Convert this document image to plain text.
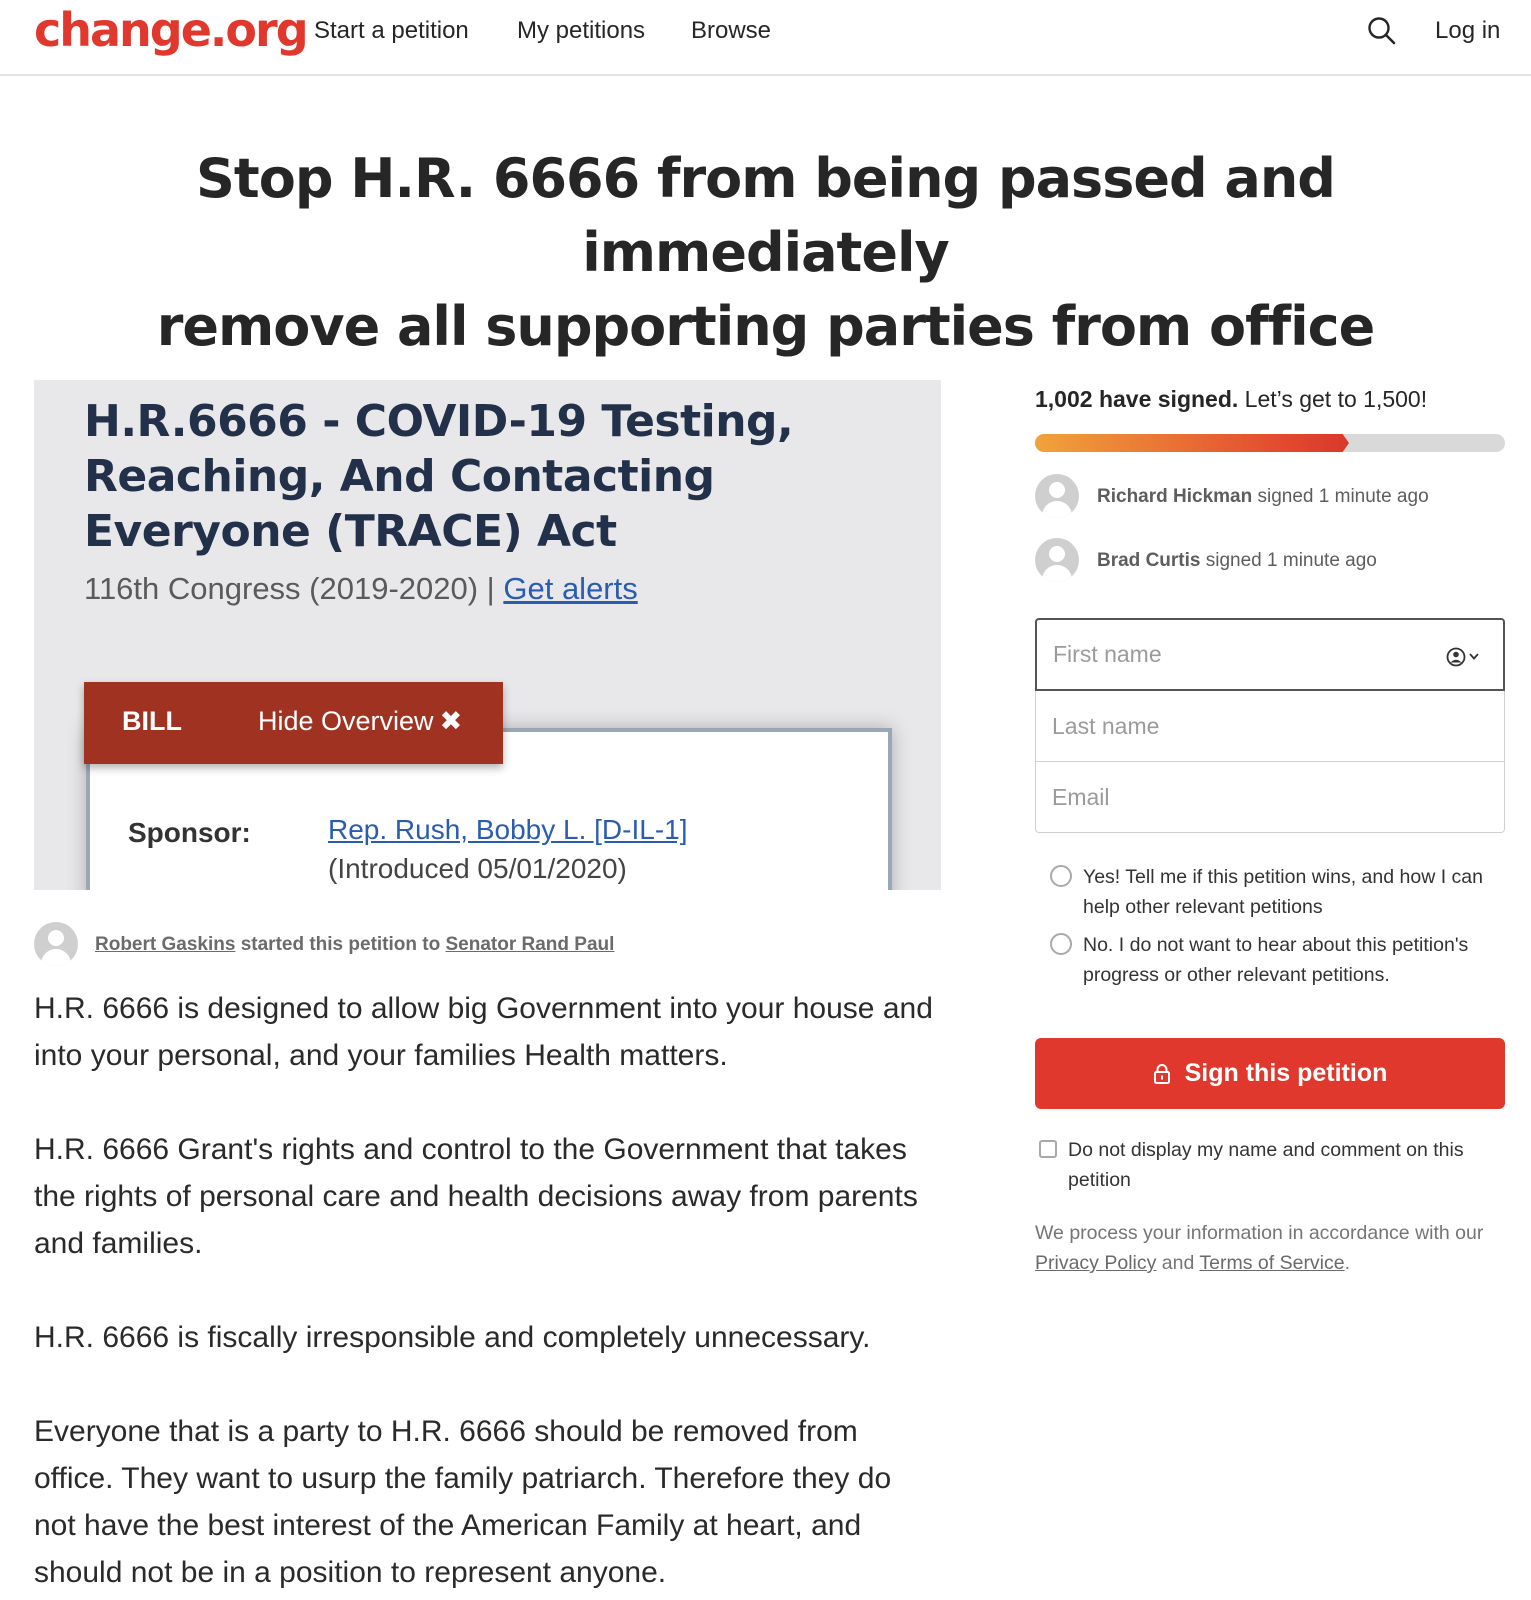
change.org Start a petition My petitions Browse	Log in
Stop H.R. 6666 from being passed and immediately
remove all supporting parties from office
H.R.6666 - COVID-19 Testing, Reaching, And Contacting Everyone (TRACE) Act
116th Congress (2019-2020) | Get alerts
BILL	Hide Overview ✖
Sponsor:	Rep. Rush, Bobby L. [D-IL-1]
(Introduced 05/01/2020)
Robert Gaskins started this petition to Senator Rand Paul

H.R. 6666 is designed to allow big Government into your house and into your personal, and your families Health matters.

H.R. 6666 Grant's rights and control to the Government that takes the rights of personal care and health decisions away from parents and families.

H.R. 6666 is fiscally irresponsible and completely unnecessary.

Everyone that is a party to H.R. 6666 should be removed from office. They want to usurp the family patriarch. Therefore they do not have the best interest of the American Family at heart, and should not be in a position to represent anyone.

1,002 have signed. Let’s get to 1,500!
Richard Hickman signed 1 minute ago
Brad Curtis signed 1 minute ago
First name
Last name
Email
Yes! Tell me if this petition wins, and how I can help other relevant petitions
No. I do not want to hear about this petition's progress or other relevant petitions.
Sign this petition
Do not display my name and comment on this petition
We process your information in accordance with our Privacy Policy and Terms of Service.
